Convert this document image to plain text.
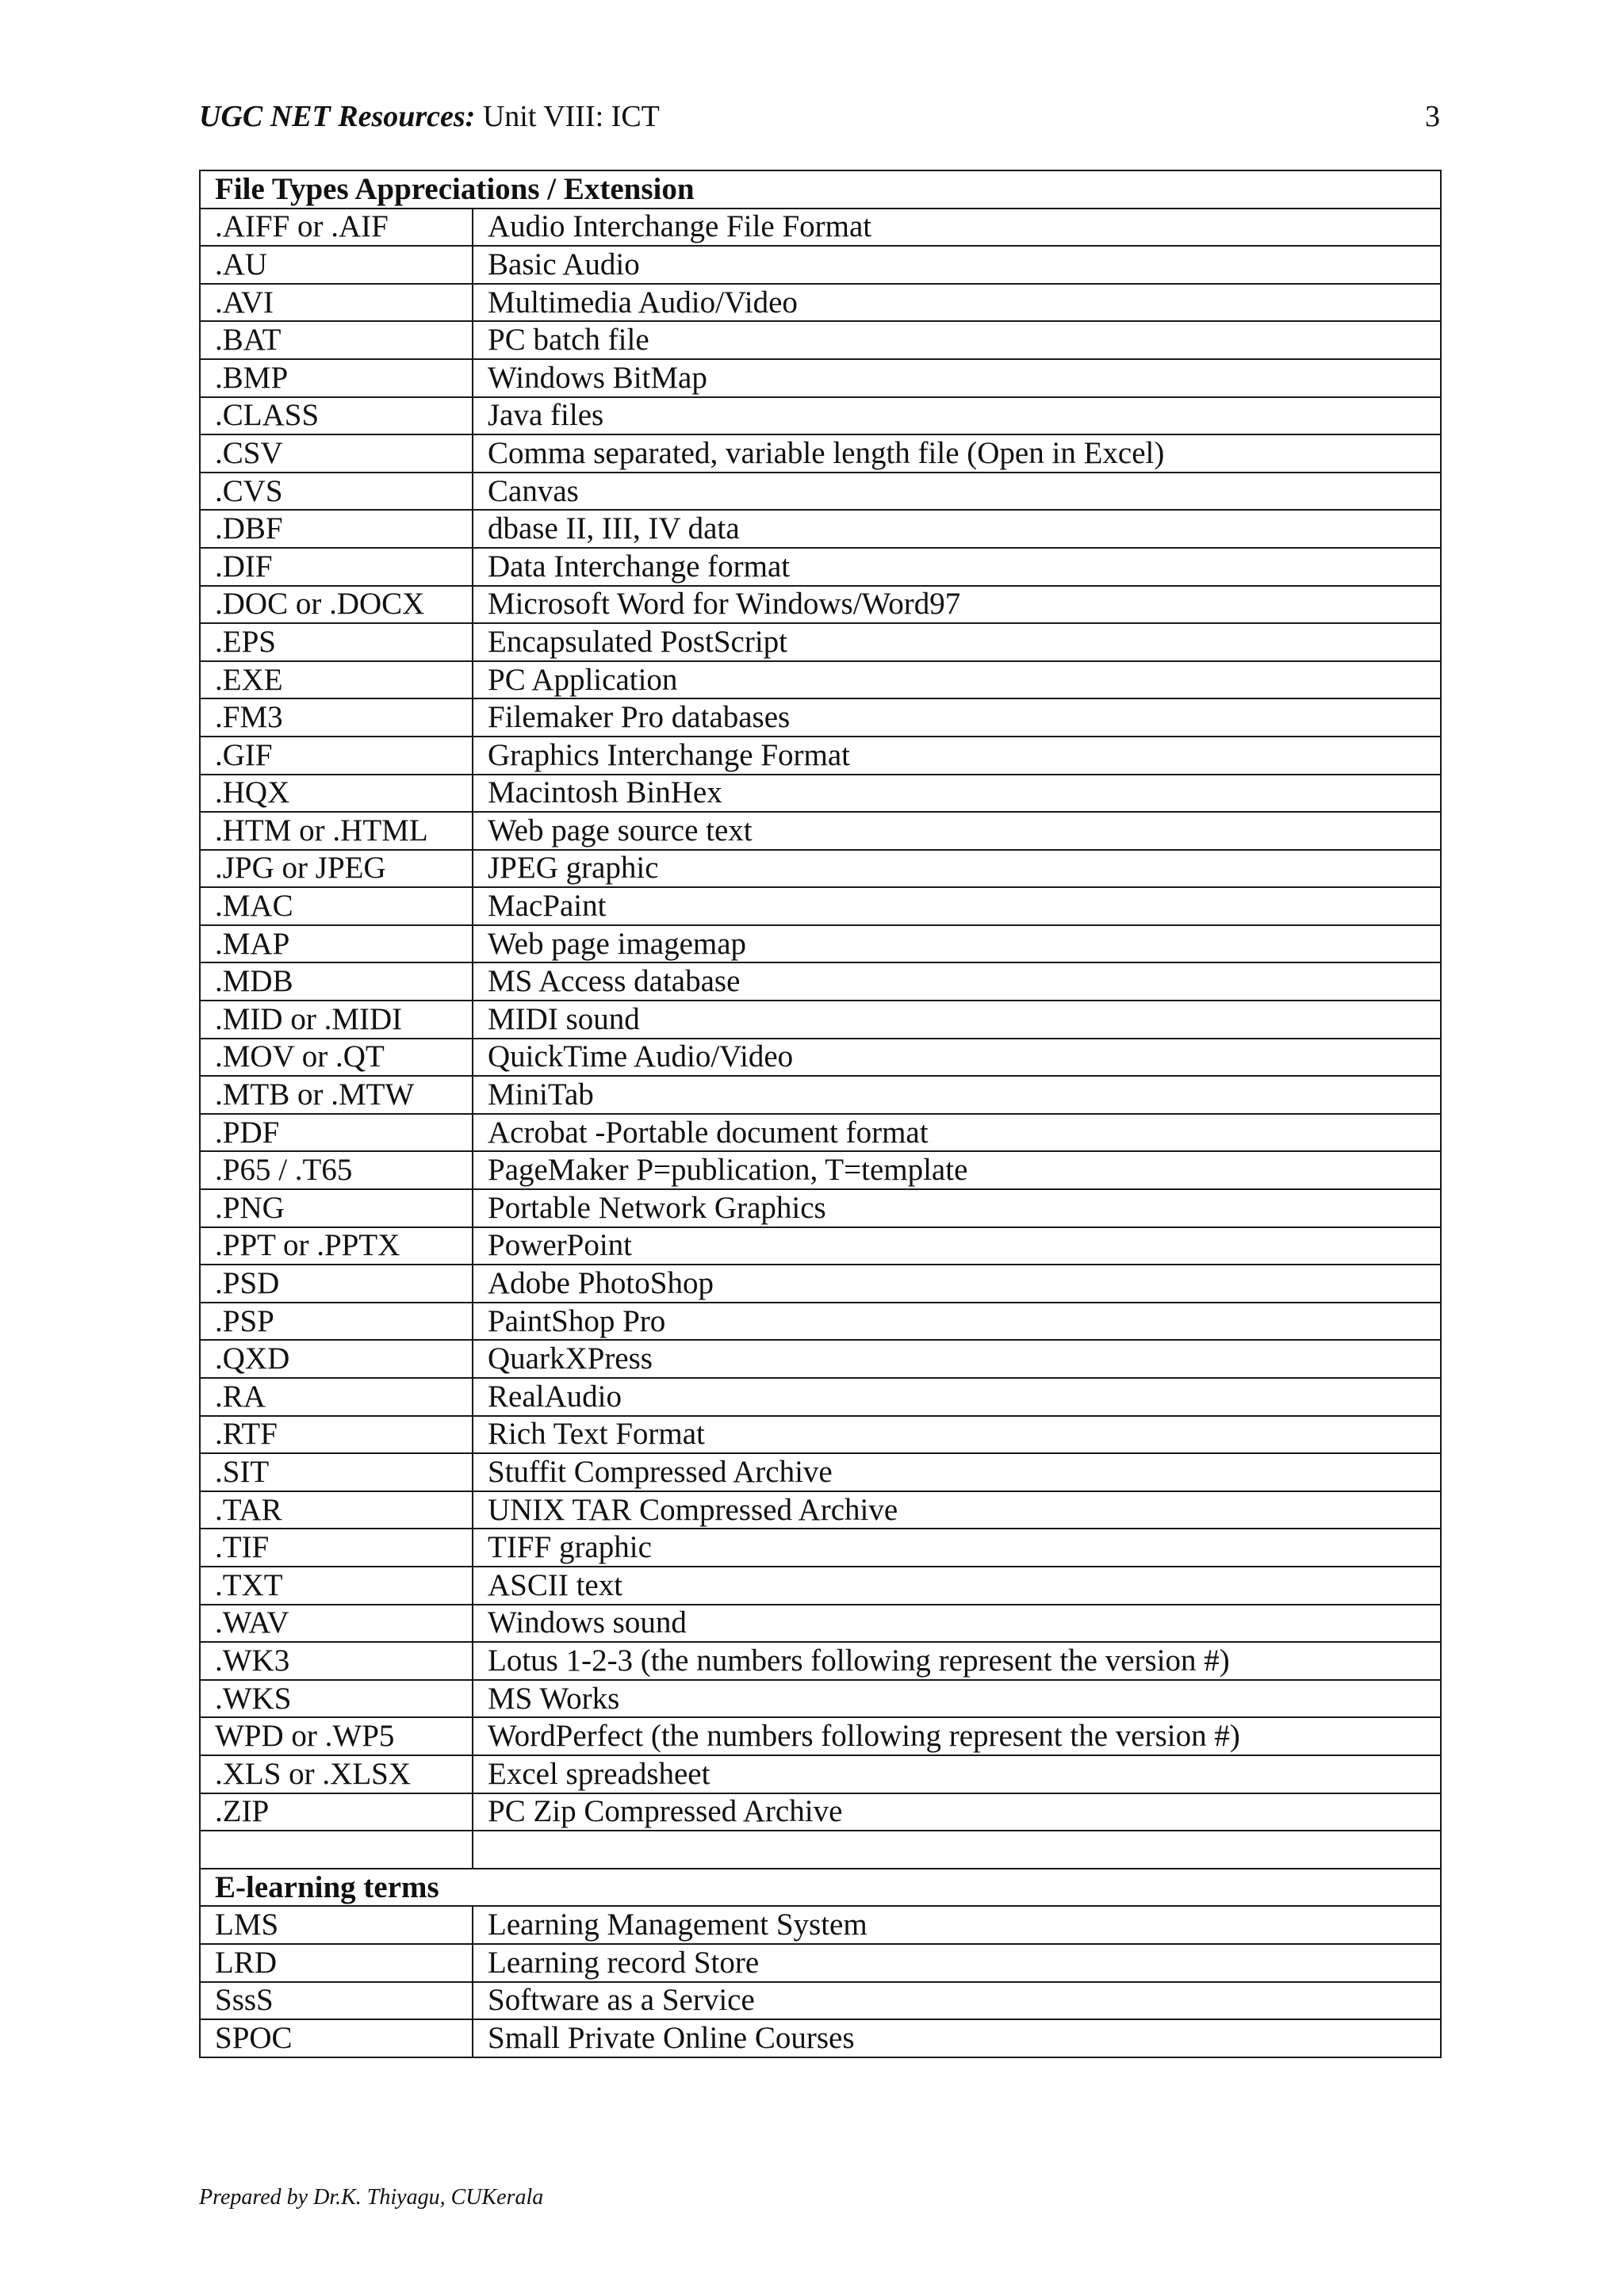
UGC NET Resources: Unit VIII: ICT	3
File Types Appreciations / Extension	
.AIFF or .AIF	Audio Interchange File Format
.AU	Basic Audio
.AVI	Multimedia Audio/Video
.BAT	PC batch file
.BMP	Windows BitMap
.CLASS	Java files
.CSV	Comma separated, variable length file (Open in Excel)
.CVS	Canvas
.DBF	dbase II, III, IV data
.DIF	Data Interchange format
.DOC or .DOCX	Microsoft Word for Windows/Word97
.EPS	Encapsulated PostScript
.EXE	PC Application
.FM3	Filemaker Pro databases
.GIF	Graphics Interchange Format
.HQX	Macintosh BinHex
.HTM or .HTML	Web page source text
.JPG or JPEG	JPEG graphic
.MAC	MacPaint
.MAP	Web page imagemap
.MDB	MS Access database
.MID or .MIDI	MIDI sound
.MOV or .QT	QuickTime Audio/Video
.MTB or .MTW	MiniTab
.PDF	Acrobat -Portable document format
.P65 / .T65	PageMaker P=publication, T=template
.PNG	Portable Network Graphics
.PPT or .PPTX	PowerPoint
.PSD	Adobe PhotoShop
.PSP	PaintShop Pro
.QXD	QuarkXPress
.RA	RealAudio
.RTF	Rich Text Format
.SIT	Stuffit Compressed Archive
.TAR	UNIX TAR Compressed Archive
.TIF	TIFF graphic
.TXT	ASCII text
.WAV	Windows sound
.WK3	Lotus 1-2-3 (the numbers following represent the version #)
.WKS	MS Works
WPD or .WP5	WordPerfect (the numbers following represent the version #)
.XLS or .XLSX	Excel spreadsheet
.ZIP	PC Zip Compressed Archive

E-learning terms	
LMS	Learning Management System
LRD	Learning record Store
SssS	Software as a Service
SPOC	Small Private Online Courses
Prepared by Dr.K. Thiyagu, CUKerala
